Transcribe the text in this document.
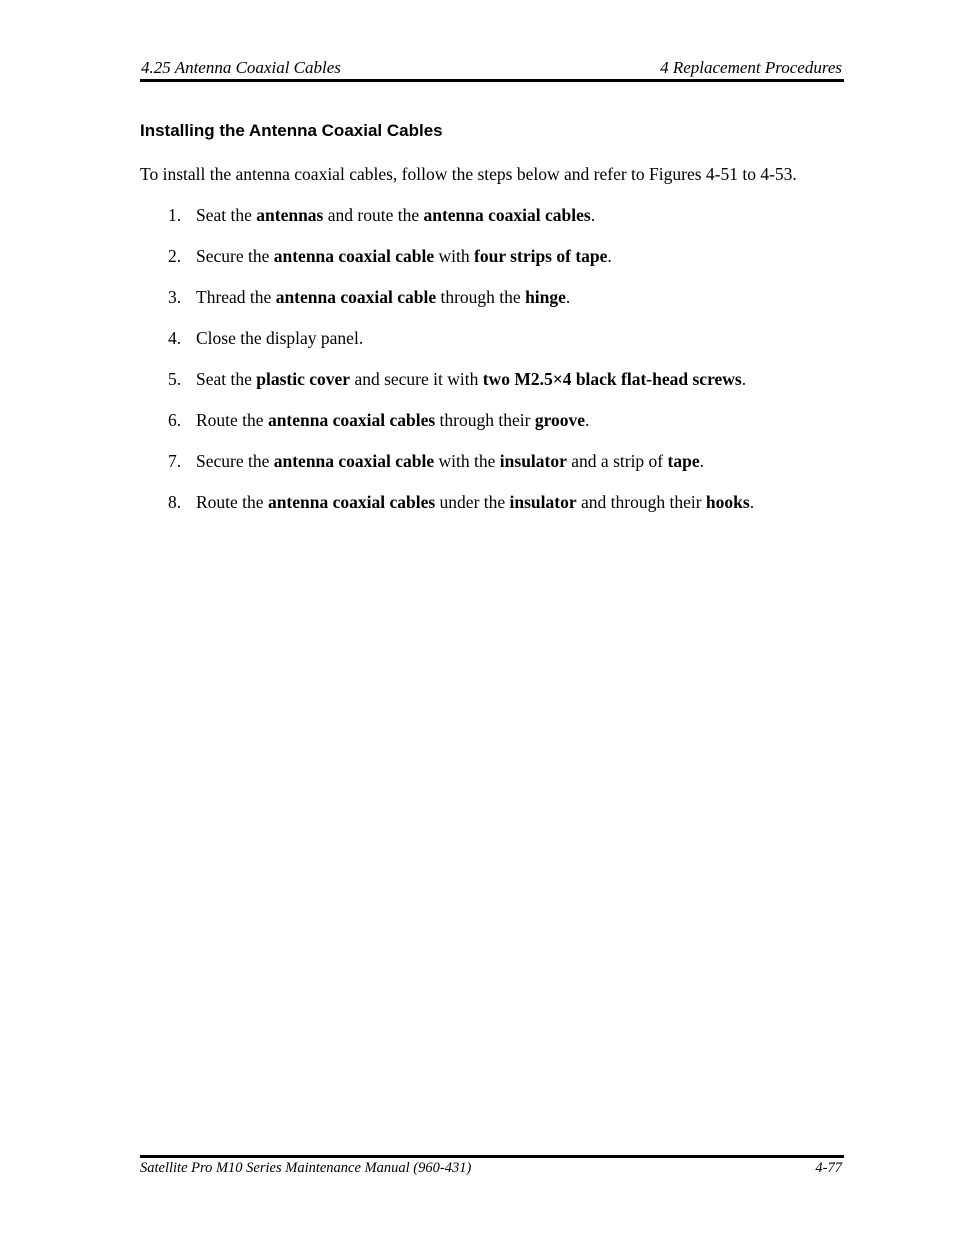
4.25 Antenna Coaxial Cables	4 Replacement Procedures
Installing the Antenna Coaxial Cables
To install the antenna coaxial cables, follow the steps below and refer to Figures 4-51 to 4-53.
1. Seat the antennas and route the antenna coaxial cables.
2. Secure the antenna coaxial cable with four strips of tape.
3. Thread the antenna coaxial cable through the hinge.
4. Close the display panel.
5. Seat the plastic cover and secure it with two M2.5×4 black flat-head screws.
6. Route the antenna coaxial cables through their groove.
7. Secure the antenna coaxial cable with the insulator and a strip of tape.
8. Route the antenna coaxial cables under the insulator and through their hooks.
Satellite Pro M10 Series Maintenance Manual (960-431)	4-77
